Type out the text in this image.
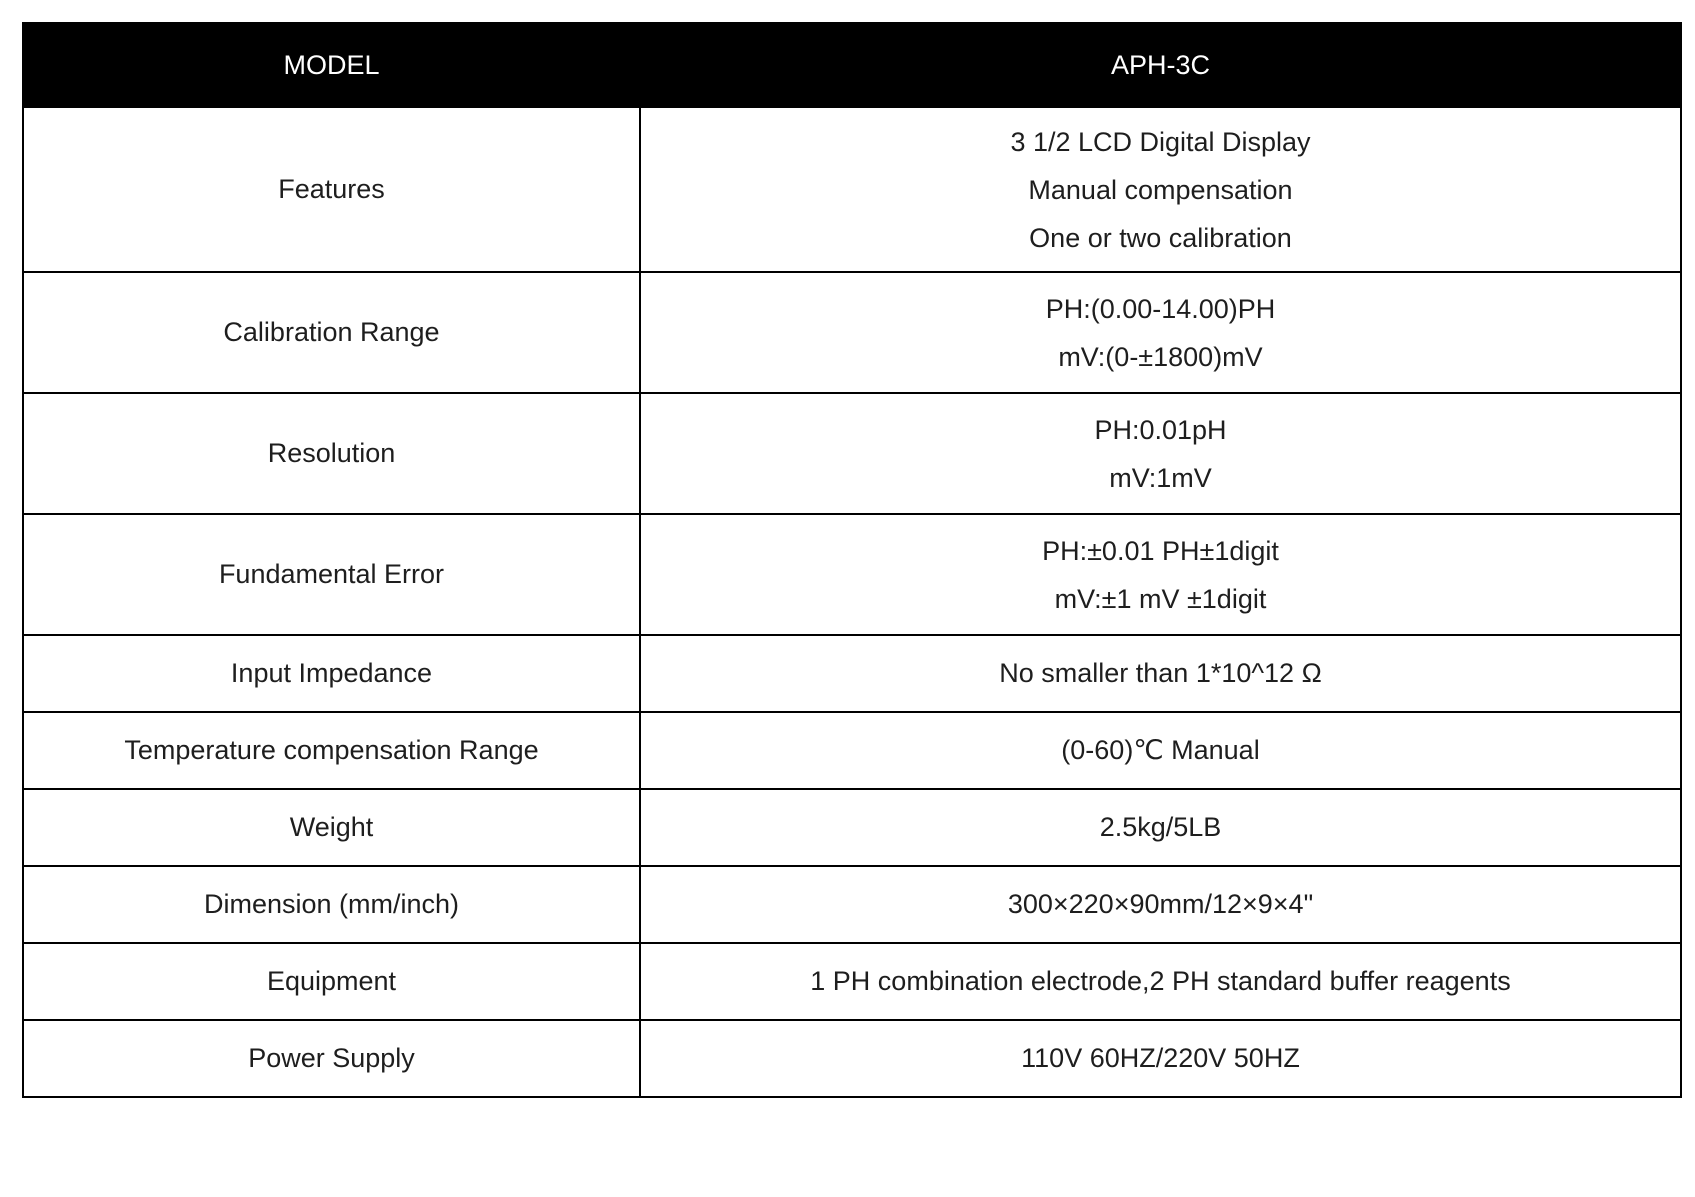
MODEL	APH-3C
Features	3 1/2 LCD Digital Display
Manual compensation
One or two calibration

Calibration Range	PH:(0.00-14.00)PH
mV:(0-±1800)mV

Resolution	PH:0.01pH
mV:1mV

Fundamental Error	PH:±0.01 PH±1digit
mV:±1 mV ±1digit

Input Impedance	No smaller than 1*10^12 Ω
Temperature compensation Range	(0-60)℃ Manual
Weight	2.5kg/5LB
Dimension (mm/inch)	300×220×90mm/12×9×4"
Equipment	1 PH combination electrode,2 PH standard buffer reagents
Power Supply	110V 60HZ/220V 50HZ
